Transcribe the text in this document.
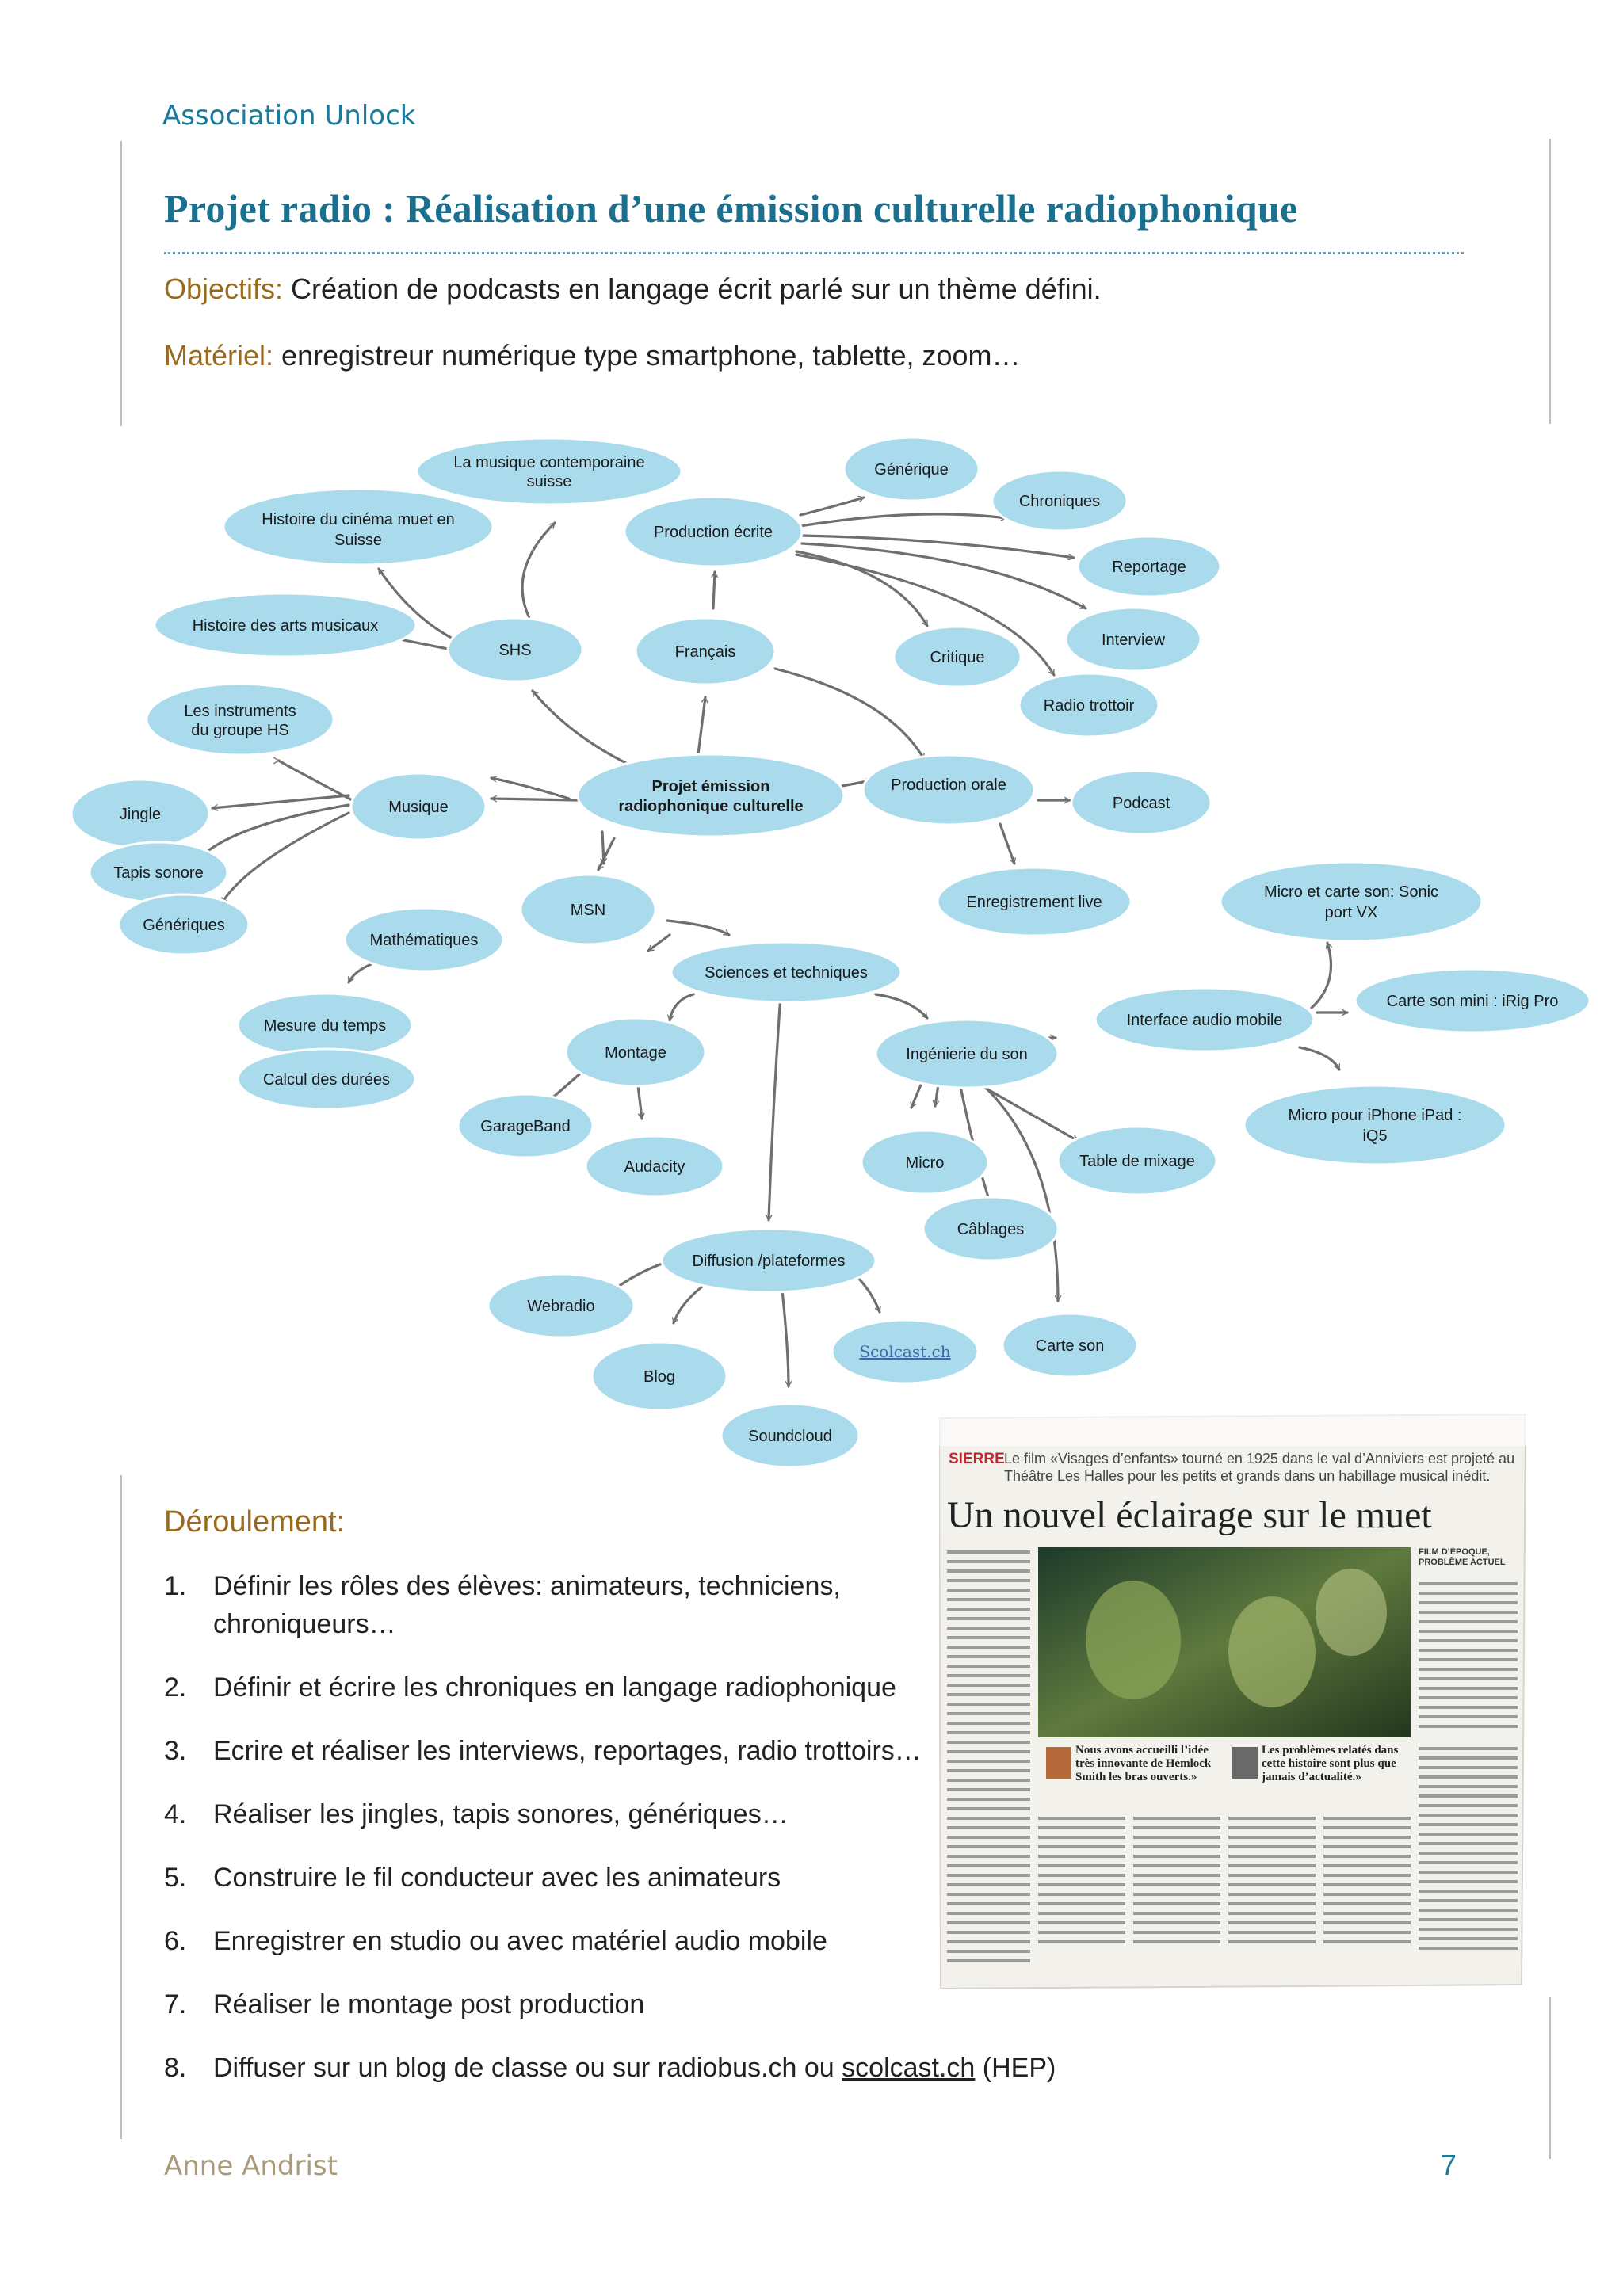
Association Unlock
Projet radio : Réalisation d’une émission culturelle radiophonique
Objectifs: Création de podcasts en langage écrit parlé sur un thème défini.
Matériel: enregistreur numérique type smartphone, tablette, zoom…
La musique contemporaine
suisse
Histoire du cinéma muet en
Suisse
Histoire des arts musicaux
SHS	Français
Production écrite
Générique
Chroniques
Reportage
Interview
Critique
Radio trottoir
Les instruments
du groupe HS
Musique
Jingle
Tapis sonore
Génériques
Projet émission
radiophonique culturelle
Production orale
Podcast
Enregistrement live
MSN
Mathématiques
Mesure du temps
Calcul des durées
Sciences et techniques
Montage
GarageBand
Audacity
Ingénierie du son
Micro	Table de mixage
Câblages
Carte son
Interface audio mobile
Micro et carte son: Sonic
port VX
Carte son mini : iRig Pro
Micro pour iPhone iPad :
iQ5
Diffusion /plateformes
Webradio
Blog
Scolcast.ch
Soundcloud
Déroulement:
1. Définir les rôles des élèves: animateurs, techniciens, chroniqueurs…
2. Définir et écrire les chroniques en langage radiophonique
3. Ecrire et réaliser les interviews, reportages, radio trottoirs…
4. Réaliser les jingles, tapis sonores, génériques…
5. Construire le fil conducteur avec les animateurs
6. Enregistrer en studio ou avec matériel audio mobile
7. Réaliser le montage post production
8. Diffuser sur un blog de classe ou sur radiobus.ch ou scolcast.ch (HEP)
SIERRE Le film «Visages d’enfants» tourné en 1925 dans le val d’Anniviers est projeté au Théâtre Les Halles pour les petits et grands dans un habillage musical inédit.
Un nouvel éclairage sur le muet
FILM D’ÉPOQUE, PROBLÈME ACTUEL
Nous avons accueilli l’idée très innovante de Hemlock Smith les bras ouverts.»
Les problèmes relatés dans cette histoire sont plus que jamais d’actualité.»
Anne Andrist	7
